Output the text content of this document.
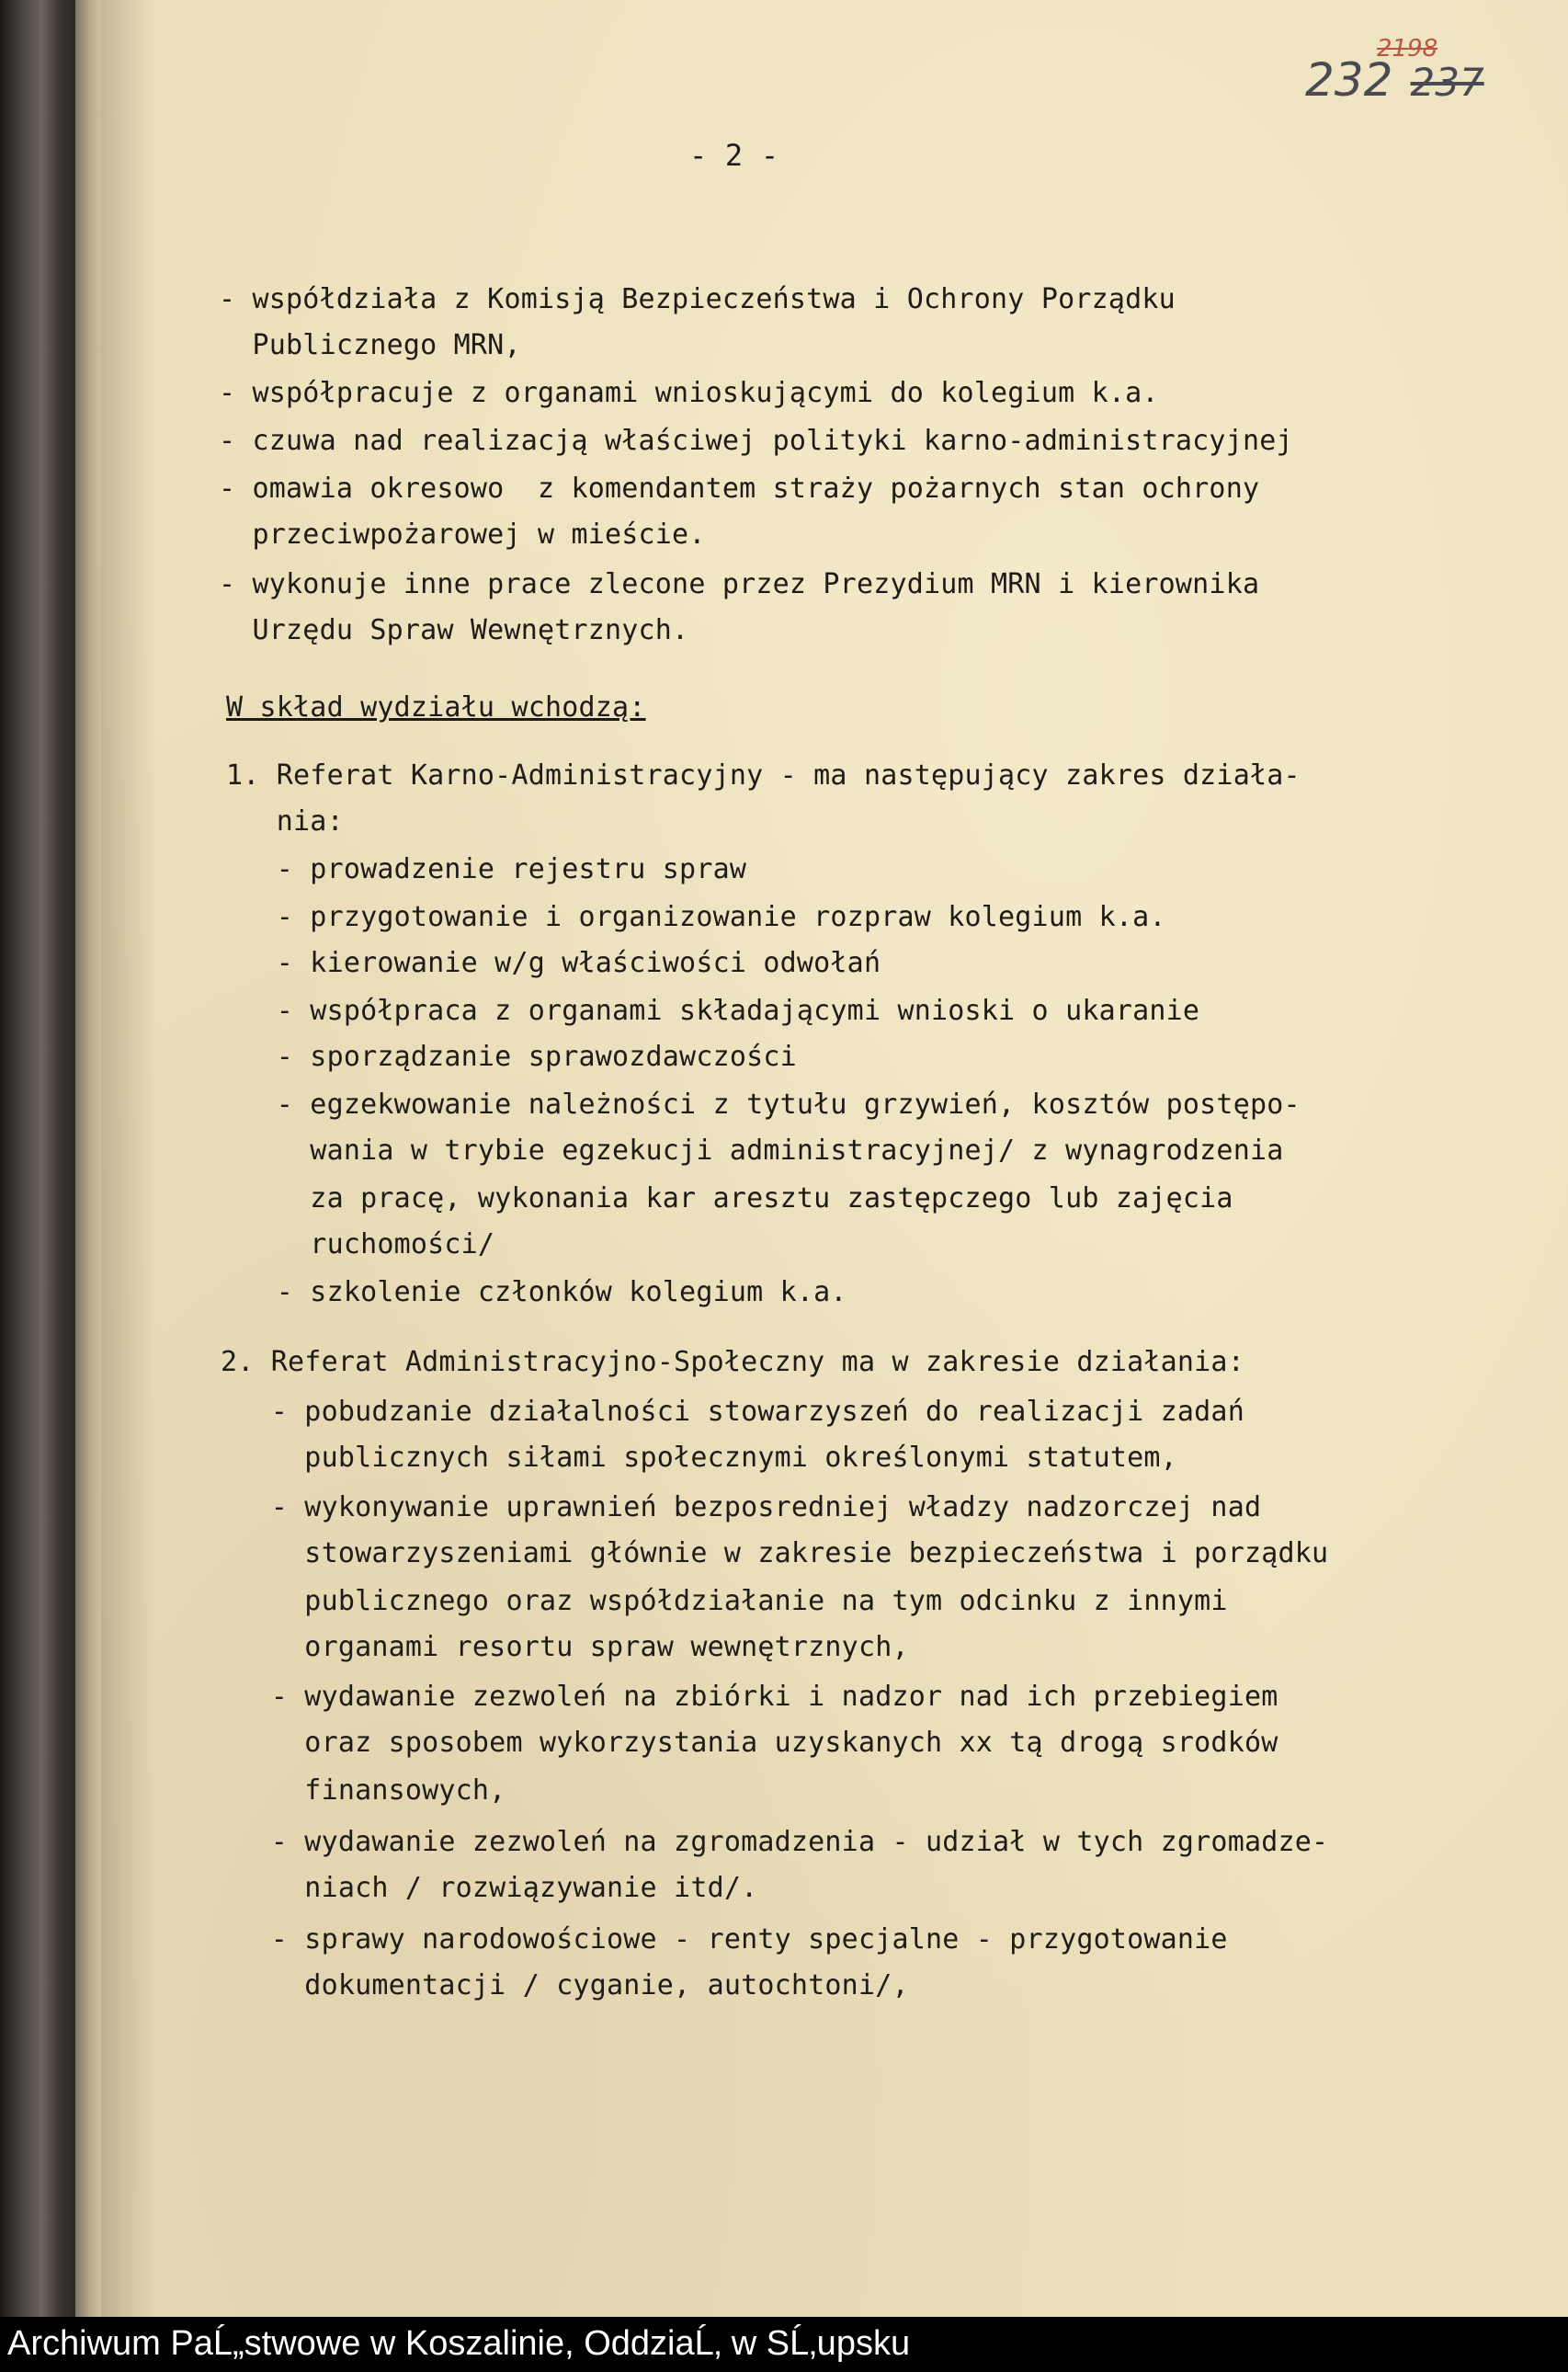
232 237
2198
- 2 -
- współdziała z Komisją Bezpieczeństwa i Ochrony Porządku
Publicznego MRN,
- współpracuje z organami wnioskującymi do kolegium k.a.
- czuwa nad realizacją właściwej polityki karno-administracyjnej
- omawia okresowo  z komendantem straży pożarnych stan ochrony
przeciwpożarowej w mieście.
- wykonuje inne prace zlecone przez Prezydium MRN i kierownika
Urzędu Spraw Wewnętrznych.
W skład wydziału wchodzą:
1. Referat Karno-Administracyjny - ma następujący zakres działa-
nia:
- prowadzenie rejestru spraw
- przygotowanie i organizowanie rozpraw kolegium k.a.
- kierowanie w/g właściwości odwołań
- współpraca z organami składającymi wnioski o ukaranie
- sporządzanie sprawozdawczości
- egzekwowanie należności z tytułu grzywień, kosztów postępo-
wania w trybie egzekucji administracyjnej/ z wynagrodzenia
za pracę, wykonania kar aresztu zastępczego lub zajęcia
ruchomości/
- szkolenie członków kolegium k.a.
2. Referat Administracyjno-Społeczny ma w zakresie działania:
- pobudzanie działalności stowarzyszeń do realizacji zadań
publicznych siłami społecznymi określonymi statutem,
- wykonywanie uprawnień bezposredniej władzy nadzorczej nad
stowarzyszeniami głównie w zakresie bezpieczeństwa i porządku
publicznego oraz współdziałanie na tym odcinku z innymi
organami resortu spraw wewnętrznych,
- wydawanie zezwoleń na zbiórki i nadzor nad ich przebiegiem
oraz sposobem wykorzystania uzyskanych xx tą drogą srodków
finansowych,
- wydawanie zezwoleń na zgromadzenia - udział w tych zgromadze-
niach / rozwiązywanie itd/.
- sprawy narodowościowe - renty specjalne - przygotowanie
dokumentacji / cyganie, autochtoni/,
Archiwum PaĹ„stwowe w Koszalinie, OddziaĹ‚ w SĹ‚upsku
